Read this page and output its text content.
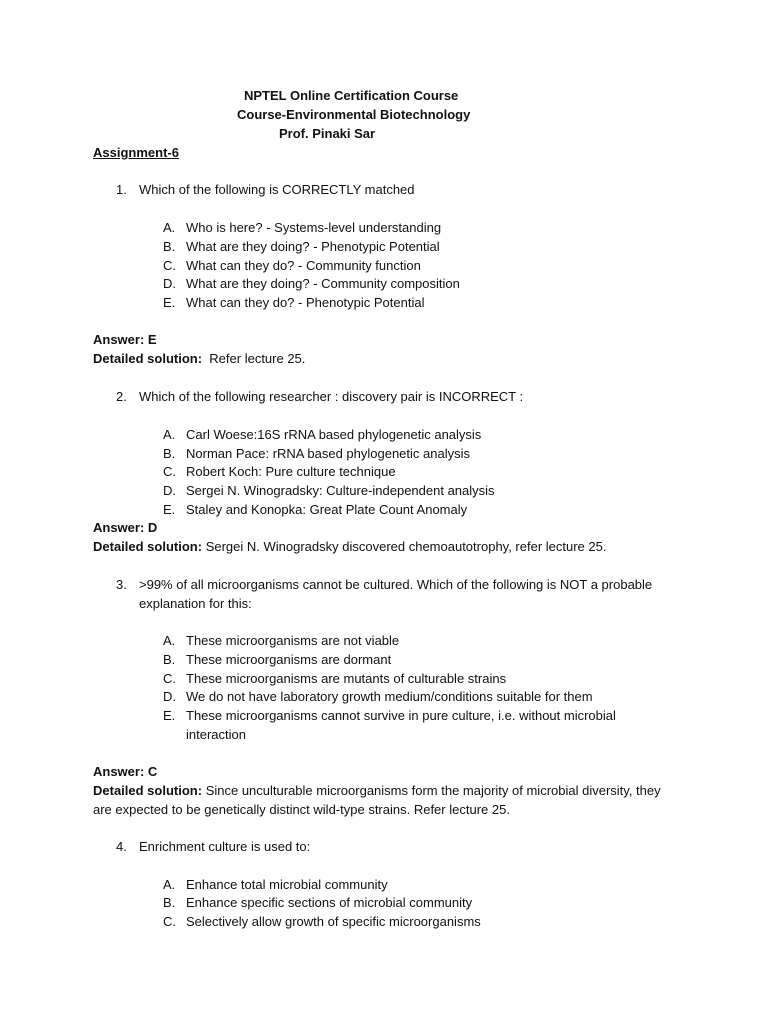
NPTEL Online Certification Course
Course-Environmental Biotechnology
Prof. Pinaki Sar
Assignment-6
1. Which of the following is CORRECTLY matched
A. Who is here? - Systems-level understanding
B. What are they doing? - Phenotypic Potential
C. What can they do? - Community function
D. What are they doing? - Community composition
E. What can they do? - Phenotypic Potential
Answer: E
Detailed solution: Refer lecture 25.
2. Which of the following researcher : discovery pair is INCORRECT :
A. Carl Woese:16S rRNA based phylogenetic analysis
B. Norman Pace: rRNA based phylogenetic analysis
C. Robert Koch: Pure culture technique
D. Sergei N. Winogradsky: Culture-independent analysis
E. Staley and Konopka: Great Plate Count Anomaly
Answer: D
Detailed solution: Sergei N. Winogradsky discovered chemoautotrophy, refer lecture 25.
3. >99% of all microorganisms cannot be cultured. Which of the following is NOT a probable
explanation for this:
A. These microorganisms are not viable
B. These microorganisms are dormant
C. These microorganisms are mutants of culturable strains
D. We do not have laboratory growth medium/conditions suitable for them
E. These microorganisms cannot survive in pure culture, i.e. without microbial
interaction
Answer: C
Detailed solution: Since unculturable microorganisms form the majority of microbial diversity, they
are expected to be genetically distinct wild-type strains. Refer lecture 25.
4. Enrichment culture is used to:
A. Enhance total microbial community
B. Enhance specific sections of microbial community
C. Selectively allow growth of specific microorganisms
